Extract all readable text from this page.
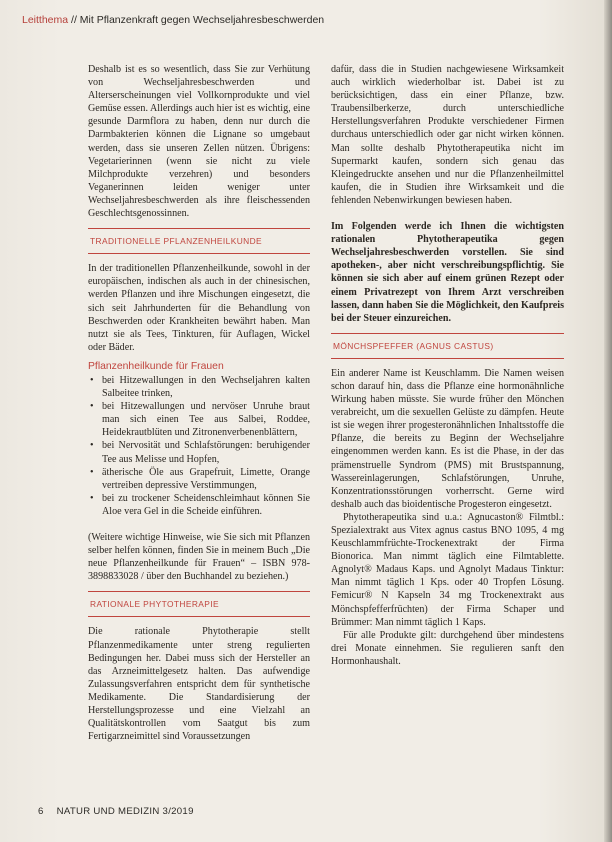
Leitthema // Mit Pflanzenkraft gegen Wechseljahresbeschwerden

Deshalb ist es so wesentlich, dass Sie zur Verhütung von Wechseljahresbeschwerden und Alterserscheinungen viel Vollkornprodukte und viel Gemüse essen. Allerdings auch hier ist es wichtig, eine gesunde Darmflora zu haben, denn nur durch die Darmbakterien können die Lignane so umgebaut werden, dass sie unseren Zellen nützen. Übrigens: Vegetarierinnen (wenn sie nicht zu viele Milchprodukte verzehren) und besonders Veganerinnen leiden weniger unter Wechseljahresbeschwerden als ihre fleischessenden Geschlechtsgenossinnen.

TRADITIONELLE PFLANZENHEILKUNDE

In der traditionellen Pflanzenheilkunde, sowohl in der europäischen, indischen als auch in der chinesischen, werden Pflanzen und ihre Mischungen eingesetzt, die sich seit Jahrhunderten für die Behandlung von Beschwerden oder Krankheiten bewährt haben. Man nutzt sie als Tees, Tinkturen, für Auflagen, Wickel oder Bäder.

Pflanzenheilkunde für Frauen
• bei Hitzewallungen in den Wechseljahren kalten Salbeitee trinken,
• bei Hitzewallungen und nervöser Unruhe braut man sich einen Tee aus Salbei, Roddee, Heidekrautblüten und Zitronenverbenenblättern,
• bei Nervosität und Schlafstörungen: beruhigender Tee aus Melisse und Hopfen,
• ätherische Öle aus Grapefruit, Limette, Orange vertreiben depressive Verstimmungen,
• bei zu trockener Scheidenschleimhaut können Sie Aloe vera Gel in die Scheide einführen.

(Weitere wichtige Hinweise, wie Sie sich mit Pflanzen selber helfen können, finden Sie in meinem Buch „Die neue Pflanzenheilkunde für Frauen“ – ISBN 978-3898833028 / über den Buchhandel zu beziehen.)

RATIONALE PHYTOTHERAPIE

Die rationale Phytotherapie stellt Pflanzenmedikamente unter streng regulierten Bedingungen her. Dabei muss sich der Hersteller an das Arzneimittelgesetz halten. Das aufwendige Zulassungsverfahren entspricht dem für synthetische Medikamente. Die Standardisierung der Herstellungsprozesse und eine Vielzahl an Qualitätskontrollen vom Saatgut bis zum Fertigarzneimittel sind Voraussetzungen

dafür, dass die in Studien nachgewiesene Wirksamkeit auch wirklich wiederholbar ist. Dabei ist zu berücksichtigen, dass ein einer Pflanze, bzw. Traubensilberkerze, durch unterschiedliche Herstellungsverfahren Produkte verschiedener Firmen durchaus unterschiedlich oder gar nicht wirken können. Man sollte deshalb Phytotherapeutika nicht im Supermarkt kaufen, sondern sich genau das Kleingedruckte ansehen und nur die Pflanzenheilmittel kaufen, die in Studien ihre Wirksamkeit und die fehlenden Nebenwirkungen bewiesen haben.

Im Folgenden werde ich Ihnen die wichtigsten rationalen Phytotherapeutika gegen Wechseljahresbeschwerden vorstellen. Sie sind apotheken-, aber nicht verschreibungspflichtig. Sie können sie sich aber auf einem grünen Rezept oder einem Privatrezept von Ihrem Arzt verschreiben lassen, dann haben Sie die Möglichkeit, den Kaufpreis bei der Steuer einzureichen.

MÖNCHSPFEFFER (AGNUS CASTUS)

Ein anderer Name ist Keuschlamm. Die Namen weisen schon darauf hin, dass die Pflanze eine hormonähnliche Wirkung haben müsste. Sie wurde früher den Mönchen verabreicht, um die sexuellen Gelüste zu dämpfen. Heute ist sie wegen ihrer progesteronähnlichen Inhaltsstoffe die Pflanze, die bereits zu Beginn der Wechseljahre eingenommen werden kann. Es ist die Phase, in der das prämenstruelle Syndrom (PMS) mit Brustspannung, Wassereinlagerungen, Schlafstörungen, Unruhe, Konzentrationsstörungen vorherrscht. Gerne wird deshalb auch das bioidentische Progesteron eingesetzt.

Phytotherapeutika sind u.a.: Agnucaston® Filmtbl.: Spezialextrakt aus Vitex agnus castus BNO 1095, 4 mg Keuschlammfrüchte-Trockenextrakt der Firma Bionorica. Man nimmt täglich eine Filmtablette. Agnolyt® Madaus Kaps. und Agnolyt Madaus Tinktur: Man nimmt täglich 1 Kps. oder 40 Tropfen Lösung. Femicur® N Kapseln 34 mg Trockenextrakt aus Mönchspfefferfrüchten) der Firma Schaper und Brümmer: Man nimmt täglich 1 Kaps.

Für alle Produkte gilt: durchgehend über mindestens drei Monate einnehmen. Sie regulieren sanft den Hormonhaushalt.

6 NATUR UND MEDIZIN 3/2019
